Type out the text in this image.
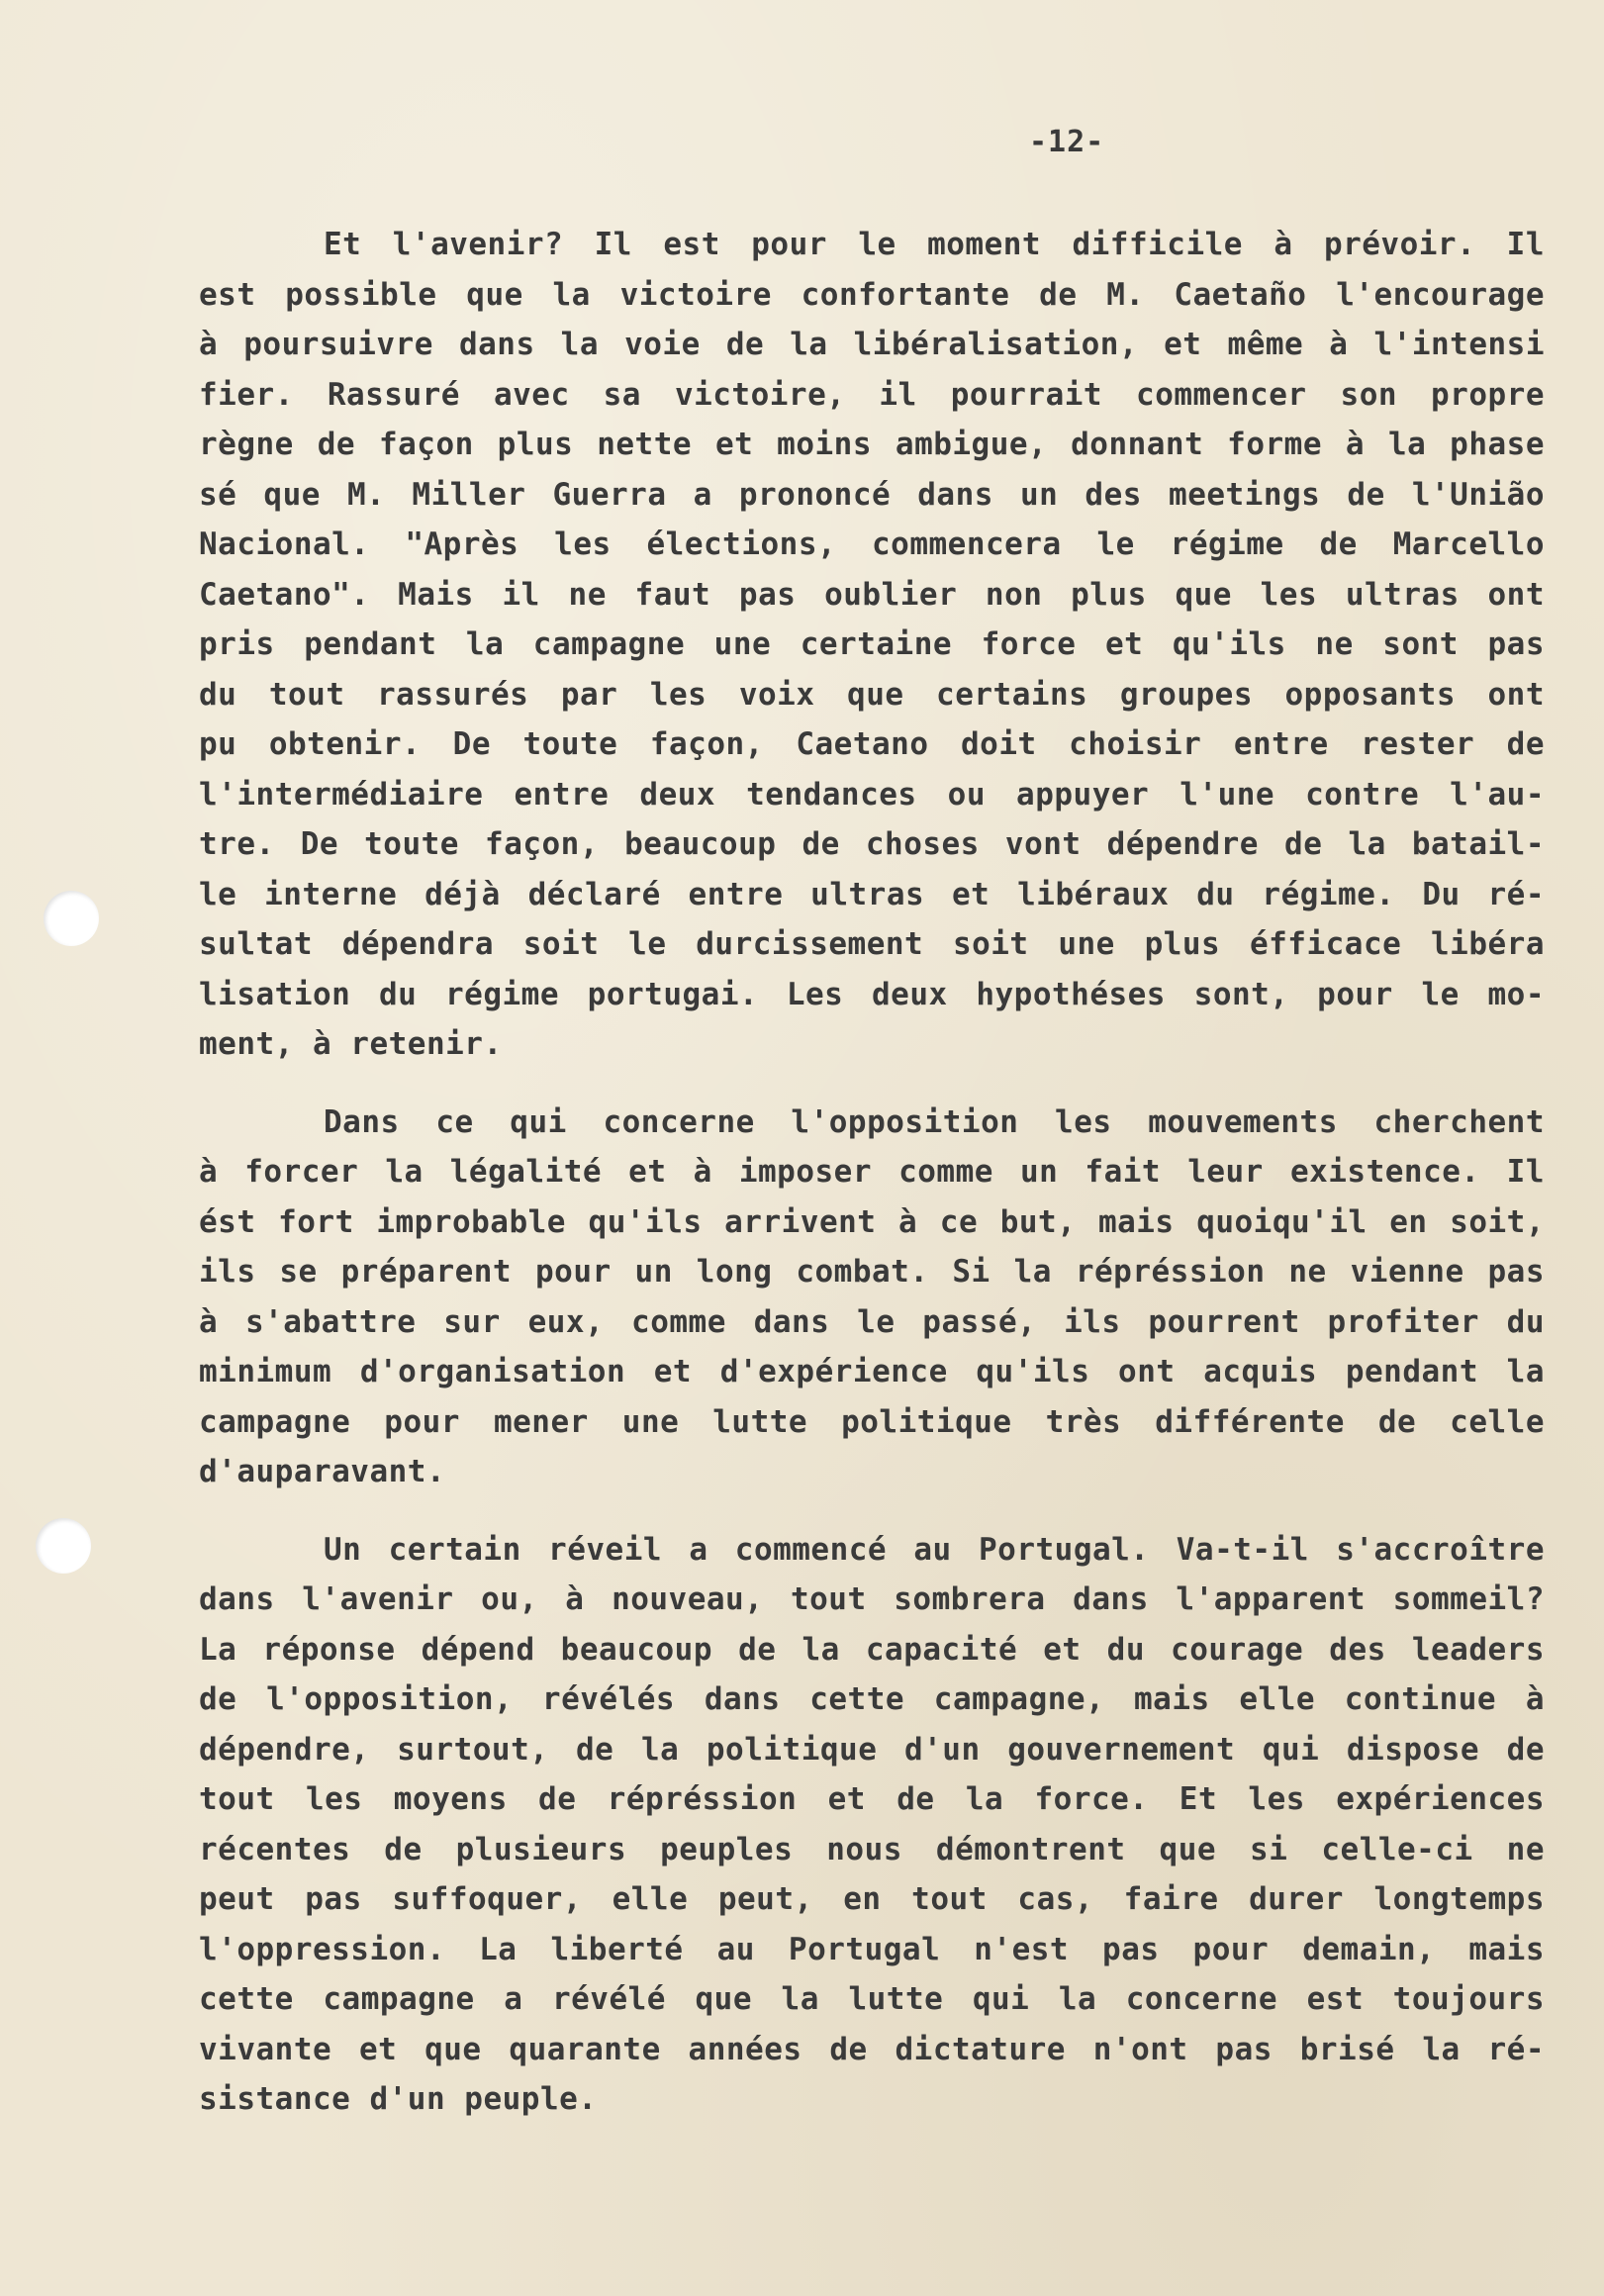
-12-
Et l'avenir? Il est pour le moment difficile à prévoir. Il
est possible que la victoire confortante de M. Caetaño l'encourage
à poursuivre dans la voie de la libéralisation, et même à l'intensi
fier. Rassuré avec sa victoire, il pourrait commencer son propre
règne de façon plus nette et moins ambigue, donnant forme à la phase
sé que M. Miller Guerra a prononcé dans un des meetings de l'União
Nacional. "Après les élections, commencera le régime de Marcello
Caetano". Mais il ne faut pas oublier non plus que les ultras ont
pris pendant la campagne une certaine force et qu'ils ne sont pas
du tout rassurés par les voix que certains groupes opposants ont
pu obtenir. De toute façon, Caetano doit choisir entre rester de
l'intermédiaire entre deux tendances ou appuyer l'une contre l'au-
tre. De toute façon, beaucoup de choses vont dépendre de la batail-
le interne déjà déclaré entre ultras et libéraux du régime. Du ré-
sultat dépendra soit le durcissement soit une plus éfficace libéra
lisation du régime portugai. Les deux hypothéses sont, pour le mo-
ment, à retenir.
Dans ce qui concerne l'opposition les mouvements cherchent
à forcer la légalité et à imposer comme un fait leur existence. Il
ést fort improbable qu'ils arrivent à ce but, mais quoiqu'il en soit,
ils se préparent pour un long combat. Si la répréssion ne vienne pas
à s'abattre sur eux, comme dans le passé, ils pourrent profiter du
minimum d'organisation et d'expérience qu'ils ont acquis pendant la
campagne pour mener une lutte politique très différente de celle
d'auparavant.
Un certain réveil a commencé au Portugal. Va-t-il s'accroître
dans l'avenir ou, à nouveau, tout sombrera dans l'apparent sommeil?
La réponse dépend beaucoup de la capacité et du courage des leaders
de l'opposition, révélés dans cette campagne, mais elle continue à
dépendre, surtout, de la politique d'un gouvernement qui dispose de
tout les moyens de répréssion et de la force. Et les expériences
récentes de plusieurs peuples nous démontrent que si celle-ci ne
peut pas suffoquer, elle peut, en tout cas, faire durer longtemps
l'oppression. La liberté au Portugal n'est pas pour demain, mais
cette campagne a révélé que la lutte qui la concerne est toujours
vivante et que quarante années de dictature n'ont pas brisé la ré-
sistance d'un peuple.
